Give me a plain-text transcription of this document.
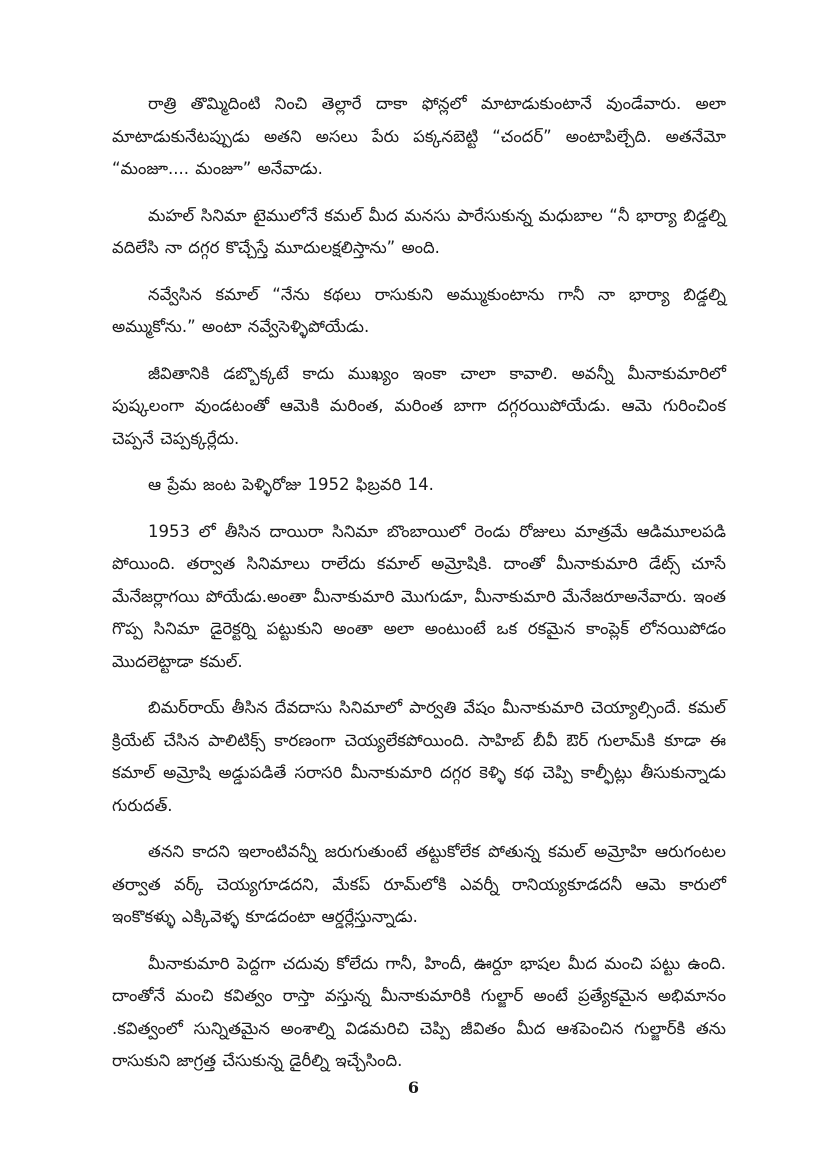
రాత్రి తొమ్మిదింటి నించి తెల్లారే దాకా ఫోన్లలో మాటాడుకుంటానే వుండేవారు. అలా మాటాడుకునేటప్పుడు అతని అసలు పేరు పక్కనబెట్టి “చందర్” అంటాపిల్చేది. అతనేమో “మంజూ.... మంజూ” అనేవాడు.

మహల్ సినిమా టైములోనే కమల్ మీద మనసు పారేసుకున్న మధుబాల “నీ భార్యా బిడ్డల్ని వదిలేసి నా దగ్గర కొచ్చేస్తే మూదులక్షలిస్తాను” అంది.

నవ్వేసిన కమాల్ “నేను కథలు రాసుకుని అమ్ముకుంటాను గానీ నా భార్యా బిడ్డల్ని అమ్ముకోను.” అంటా నవ్వేసెళ్ళిపోయేడు.

జీవితానికి డబ్బొక్కటే కాదు ముఖ్యం ఇంకా చాలా కావాలి. అవన్నీ మీనాకుమారిలో పుష్కలంగా వుండటంతో ఆమెకి మరింత, మరింత బాగా దగ్గరయిపోయేడు. ఆమె గురించింక చెప్పనే చెప్పక్కర్లేదు.

ఆ ప్రేమ జంట పెళ్ళిరోజు 1952 ఫిబ్రవరి 14.

1953 లో తీసిన దాయిరా సినిమా బొంబాయిలో రెండు రోజులు మాత్రమే ఆడిమూలపడి పోయింది. తర్వాత సినిమాలు రాలేదు కమాల్ అమ్రోషికి. దాంతో మీనాకుమారి డేట్స్ చూసే మేనేజర్లాగయి పోయేడు.అంతా మీనాకుమారి మొగుడూ, మీనాకుమారి మేనేజరూఅనేవారు. ఇంత గొప్ప సినిమా డైరెక్టర్ని పట్టుకుని అంతా అలా అంటుంటే ఒక రకమైన కాంప్లెక్ లోనయిపోడం మొదలెట్టాడా కమల్.

బిమర్‌రాయ్ తీసిన దేవదాసు సినిమాలో పార్వతి వేషం మీనాకుమారి చెయ్యాల్సిందే. కమల్ క్రియేట్ చేసిన పాలిటిక్స్ కారణంగా చెయ్యలేకపోయింది. సాహిబ్ బీవీ ఔర్ గులామ్‌కి కూడా ఈ కమాల్ అమ్రోషి అడ్డుపడితే సరాసరి మీనాకుమారి దగ్గర కెళ్ళి కథ చెప్పి కాల్ఫీట్లు తీసుకున్నాడు గురుదత్.

తనని కాదని ఇలాంటివన్నీ జరుగుతుంటే తట్టుకోలేక పోతున్న కమల్ అమ్రోహి ఆరుగంటల తర్వాత వర్క్ చెయ్యగూడదని, మేకప్ రూమ్‌లోకి ఎవర్నీ రానియ్యకూడదనీ ఆమె కారులో ఇంకొకళ్ళు ఎక్కివెళ్ళ కూడదంటా ఆర్డర్లేస్తున్నాడు.

మీనాకుమారి పెద్దగా చదువు కోలేదు గానీ, హిందీ, ఊర్దూ భాషల మీద మంచి పట్టు ఉంది. దాంతోనే మంచి కవిత్వం రాస్తా వస్తున్న మీనాకుమారికి గుల్జార్ అంటే ప్రత్యేకమైన అభిమానం .కవిత్వంలో సున్నితమైన అంశాల్ని విడమరిచి చెప్పి జీవితం మీద ఆశపెంచిన గుల్జార్‌కి తను రాసుకుని జాగ్రత్త చేసుకున్న డైరీల్ని ఇచ్చేసింది.

6
